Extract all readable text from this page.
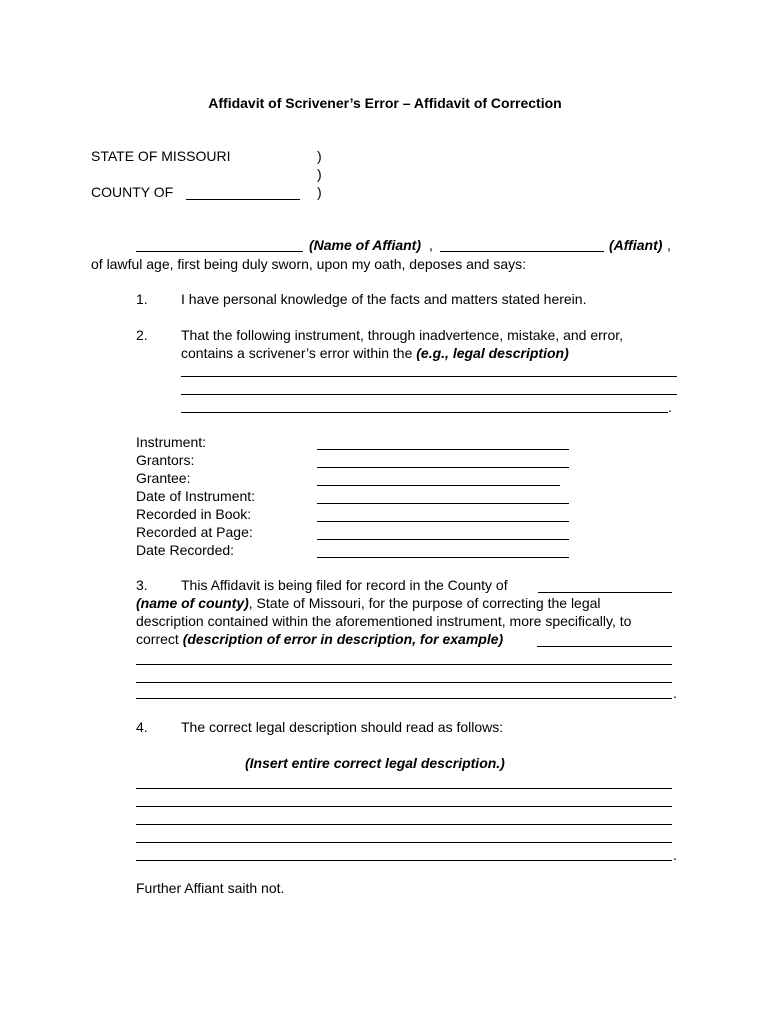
Affidavit of Scrivener’s Error – Affidavit of Correction
STATE OF MISSOURI	)
)
COUNTY OF	)
(Name of Affiant) ,	(Affiant) ,
of lawful age, first being duly sworn, upon my oath, deposes and says:
1. I have personal knowledge of the facts and matters stated herein.
2. That the following instrument, through inadvertence, mistake, and error,
contains a scrivener’s error within the (e.g., legal description)
.
Instrument:
Grantors:
Grantee:
Date of Instrument:
Recorded in Book:
Recorded at Page:
Date Recorded:
3. This Affidavit is being filed for record in the County of
(name of county), State of Missouri, for the purpose of correcting the legal
description contained within the aforementioned instrument, more specifically, to
correct (description of error in description, for example)
.
4. The correct legal description should read as follows:
(Insert entire correct legal description.)
.
Further Affiant saith not.
